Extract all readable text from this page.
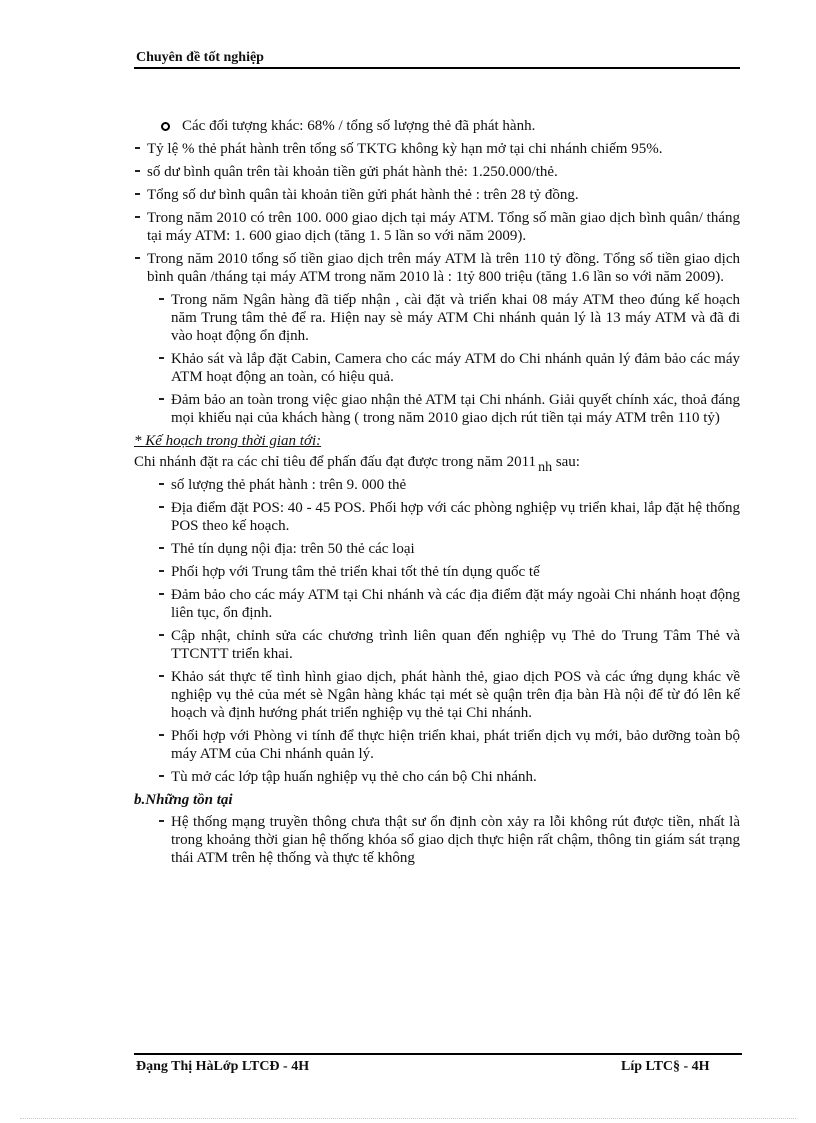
Chuyên đề tốt nghiệp
Các đối tượng khác: 68% / tổng số lượng thẻ đã phát hành.
Tỷ lệ % thẻ phát hành trên tổng số TKTG không kỳ hạn mở tại chi nhánh chiếm 95%.
số dư bình quân trên tài khoản tiền gửi phát hành thẻ: 1.250.000/thẻ.
Tổng số dư bình quân tài khoản tiền gửi phát hành thẻ : trên 28 tỷ đồng.
Trong năm 2010 có trên 100. 000 giao dịch tại máy ATM. Tổng số mãn giao dịch bình quân/ tháng tại máy ATM: 1. 600 giao dịch (tăng 1. 5 lần so với năm 2009).
Trong năm 2010 tổng số tiền giao dịch trên máy ATM là trên 110 tỷ đồng. Tổng số tiền giao dịch bình quân /tháng tại máy ATM trong năm 2010 là : 1tỷ 800 triệu (tăng 1.6 lần so với năm 2009).
Trong năm Ngân hàng đã tiếp nhận , cài đặt và triển khai 08 máy ATM theo đúng kế hoạch năm Trung tâm thẻ để ra. Hiện nay sè máy ATM Chi nhánh quản lý là 13 máy ATM và đã đi vào hoạt động ổn định.
Khảo sát và lắp đặt Cabin, Camera cho các máy ATM do Chi nhánh quản lý đảm bảo các máy ATM hoạt động an toàn, có hiệu quả.
Đảm bảo an toàn trong việc giao nhận thẻ ATM tại Chi nhánh. Giải quyết chính xác, thoả đáng mọi khiếu nại của khách hàng ( trong năm 2010 giao dịch rút tiền tại máy ATM trên 110 tỷ)
* Kế hoạch trong thời gian tới:
Chi nhánh đặt ra các chỉ tiêu để phấn đấu đạt được trong năm 2011 nh sau:
số lượng thẻ phát hành : trên 9. 000 thẻ
Địa điểm đặt POS: 40 - 45 POS. Phối hợp với các phòng nghiệp vụ triển khai, lắp đặt hệ thống POS theo kế hoạch.
Thẻ tín dụng nội địa: trên 50 thẻ các loại
Phối hợp với Trung tâm thẻ triển khai tốt thẻ tín dụng quốc tế
Đảm bảo cho các máy ATM tại Chi nhánh và các địa điểm đặt máy ngoài Chi nhánh hoạt động liên tục, ổn định.
Cập nhật, chỉnh sửa các chương trình liên quan đến nghiệp vụ Thẻ do Trung Tâm Thẻ và TTCNTT triển khai.
Khảo sát thực tế tình hình giao dịch, phát hành thẻ, giao dịch POS và các ứng dụng khác về nghiệp vụ thẻ của mét sè Ngân hàng khác tại mét sè quận trên địa bàn Hà nội để từ đó lên kế hoạch và định hướng phát triển nghiệp vụ thẻ tại Chi nhánh.
Phối hợp với Phòng vi tính để thực hiện triển khai, phát triển dịch vụ mới, bảo dưỡng toàn bộ máy ATM của Chi nhánh quản lý.
Tù mở các lớp tập huấn nghiệp vụ thẻ cho cán bộ Chi nhánh.
b.Những tồn tại
Hệ thống mạng truyền thông chưa thật sư ổn định còn xảy ra lỗi không rút được tiền, nhất là trong khoảng thời gian hệ thống khóa sổ giao dịch thực hiện rất chậm, thông tin giám sát trạng thái ATM trên hệ thống và thực tế không
Đạng Thị HàLớp LTCĐ - 4H	Líp LTC§ - 4H
